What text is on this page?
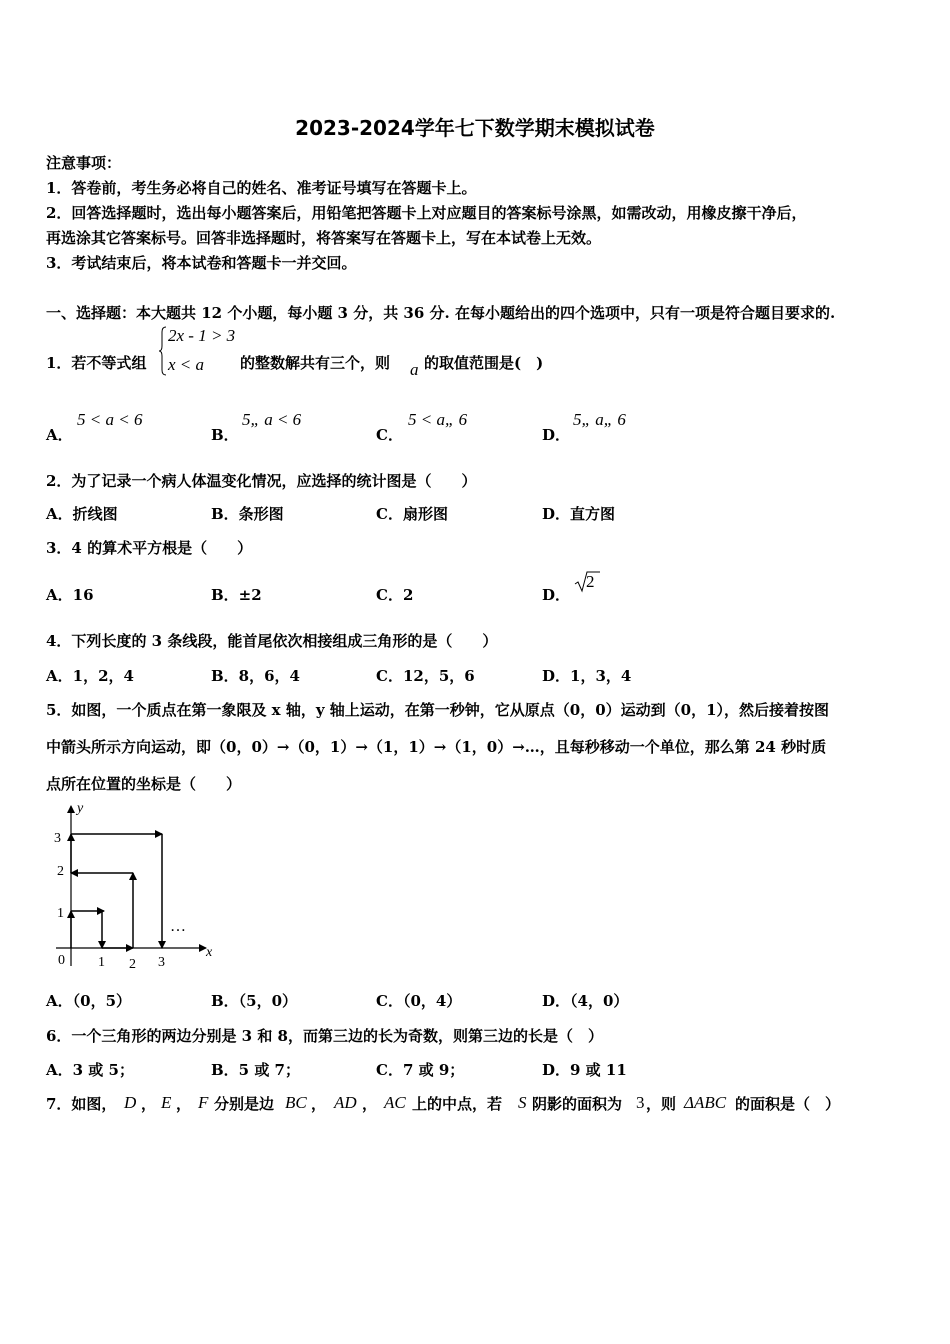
2023-2024学年七下数学期末模拟试卷
注意事项：
1．答卷前，考生务必将自己的姓名、准考证号填写在答题卡上。
2．回答选择题时，选出每小题答案后，用铅笔把答题卡上对应题目的答案标号涂黑，如需改动，用橡皮擦干净后，
再选涂其它答案标号。回答非选择题时，将答案写在答题卡上，写在本试卷上无效。
3．考试结束后，将本试卷和答题卡一并交回。
一、选择题：本大题共 12 个小题，每小题 3 分，共 36 分. 在每小题给出的四个选项中，只有一项是符合题目要求的.
1．若不等式组
2x - 1 > 3
x < a 的整数解共有三个，则 a 的取值范围是(　)
A．
5 < a < 6
B．
5„ a < 6
C．
5 < a„ 6
D．
5„ a„ 6
2．为了记录一个病人体温变化情况，应选择的统计图是（　　）
A．折线图	B．条形图	C．扇形图	D．直方图
3．4 的算术平方根是（　　）
A．16	B．±2	C．2	D．
2
4．下列长度的 3 条线段，能首尾依次相接组成三角形的是（　　）
A．1，2，4	B．8，6，4	C．12，5，6	D．1，3，4
5．如图，一个质点在第一象限及 x 轴，y 轴上运动，在第一秒钟，它从原点（0，0）运动到（0，1），然后接着按图
中箭头所示方向运动，即（0，0）→（0，1）→（1，1）→（1，0）→…，且每秒移动一个单位，那么第 24 秒时质
点所在位置的坐标是（　　）
y
x
0 1 2 3
1
2
3
…
A．（0，5）	B．（5，0）	C．（0，4）	D．（4，0）
6．一个三角形的两边分别是 3 和 8，而第三边的长为奇数，则第三边的长是（　）
A．3 或 5；	B．5 或 7；	C．7 或 9；	D．9 或 11
7．如图， D ， E ， F 分别是边 BC ， AD ， AC 上的中点，若 S 阴影的面积为 3 ，则 ΔABC 的面积是（　）
